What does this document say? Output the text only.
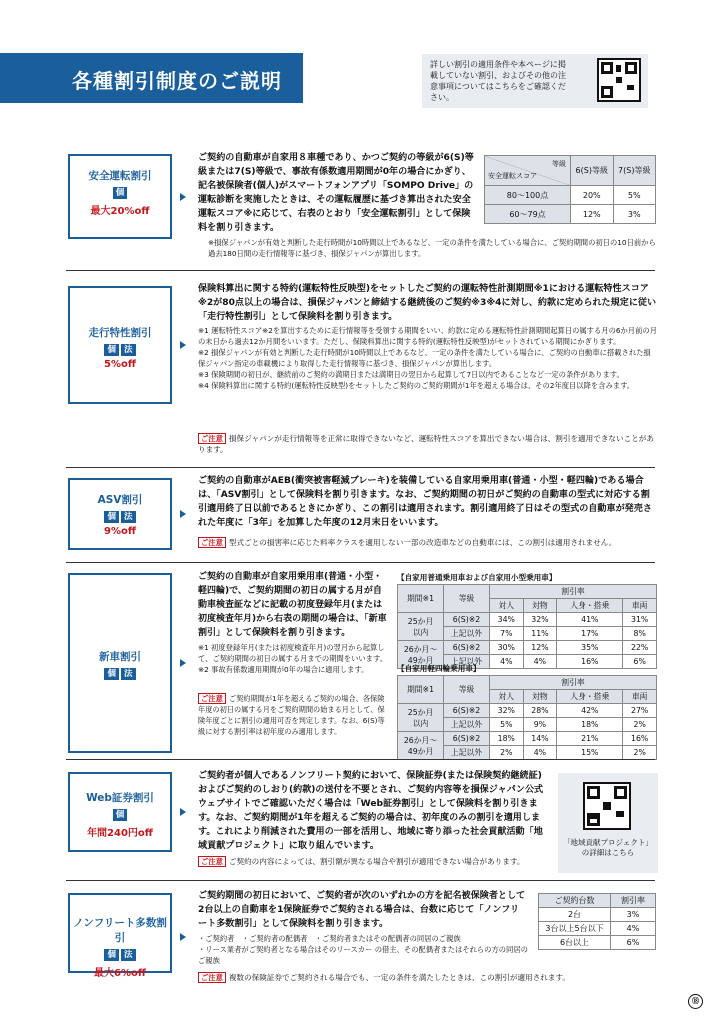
各種割引制度のご説明
詳しい割引の適用条件や本ページに掲載していない割引、およびその他の注意事項についてはこちらをご確認ください。
安全運転割引
個
最大20%off
ご契約の自動車が自家用８車種であり、かつご契約の等級が6(S)等級または7(S)等級で、事故有係数適用期間が0年の場合にかぎり、記名被保険者(個人)がスマートフォンアプリ「SOMPO Drive」の運転診断を実施したときは、その運転履歴に基づき算出された安全運転スコア※に応じて、右表のとおり「安全運転割引」として保険料を割り引きます。
※損保ジャパンが有効と判断した走行時間が10時間以上であるなど、一定の条件を満たしている場合に、ご契約期間の初日の10日前から過去180日間の走行情報等に基づき、損保ジャパンが算出します。
等級
安全運転スコア	6(S)等級	7(S)等級
80～100点	20%	5%
60～79点	12%	3%
走行特性割引
個 法
5%off
保険料算出に関する特約(運転特性反映型)をセットしたご契約の運転特性計測期間※1における運転特性スコア※2が80点以上の場合は、損保ジャパンと締結する継続後のご契約※3※4に対し、約款に定められた規定に従い「走行特性割引」として保険料を割り引きます。
※1 運転特性スコア※2を算出するために走行情報等を受領する期間をいい、約款に定める運転特性計測期間起算日の属する月の6か月前の月の末日から過去12か月間をいいます。ただし、保険料算出に関する特約(運転特性反映型)がセットされている期間にかぎります。
※2 損保ジャパンが有効と判断した走行時間が10時間以上であるなど、一定の条件を満たしている場合に、ご契約の自動車に搭載された損保ジャパン指定の車載機により取得した走行情報等に基づき、損保ジャパンが算出します。
※3 保険期間の初日が、継続前のご契約の満期日または満期日の翌日から起算して7日以内であることなど一定の条件があります。
※4 保険料算出に関する特約(運転特性反映型)をセットしたご契約のご契約期間が1年を超える場合は、その2年度目以降を含みます。
ご注意 損保ジャパンが走行情報等を正常に取得できないなど、運転特性スコアを算出できない場合は、割引を適用できないことがあります。
ASV割引
個 法
9%off
ご契約の自動車がAEB(衝突被害軽減ブレーキ)を装備している自家用乗用車(普通・小型・軽四輪)である場合は、「ASV割引」として保険料を割り引きます。なお、ご契約期間の初日がご契約の自動車の型式に対応する割引適用終了日以前であるときにかぎり、この割引は適用されます。割引適用終了日はその型式の自動車が発売された年度に「3年」を加算した年度の12月末日をいいます。
ご注意 型式ごとの損害率に応じた料率クラスを適用しない一部の改造車などの自動車には、この割引は適用されません。
新車割引
個 法
ご契約の自動車が自家用乗用車(普通・小型・軽四輪)で、ご契約期間の初日の属する月が自動車検査証などに記載の初度登録年月(または初度検査年月)から右表の期間の場合は、「新車割引」として保険料を割り引きます。
※1 初度登録年月(または初度検査年月)の翌月から起算して、ご契約期間の初日の属する月までの期間をいいます。
※2 事故有係数適用期間が0年の場合に適用します。
ご注意 ご契約期間が1年を超えるご契約の場合、各保険年度の初日の属する月をご契約期間の始まる月として、保険年度ごとに割引の適用可否を判定します。なお、6(S)等級に対する割引率は初年度のみ適用します。
【自家用普通乗用車および自家用小型乗用車】
期間※1	等級	割引率			
		対人	対物	人身・搭乗	車両

25か月
以内	6(S)※2	34%	32%	41%	31%
	上記以外	7%	11%	17%	8%

26か月～
49か月	6(S)※2	30%	12%	35%	22%
	上記以外	4%	4%	16%	6%
【自家用軽四輪乗用車】
期間※1	等級	割引率			
		対人	対物	人身・搭乗	車両

25か月
以内	6(S)※2	32%	28%	42%	27%
	上記以外	5%	9%	18%	2%

26か月～
49か月	6(S)※2	18%	14%	21%	16%
	上記以外	2%	4%	15%	2%
Web証券割引
個
年間240円off
ご契約者が個人であるノンフリート契約において、保険証券(または保険契約継続証)およびご契約のしおり(約款)の送付を不要とされ、ご契約内容等を損保ジャパン公式ウェブサイトでご確認いただく場合は「Web証券割引」として保険料を割り引きます。なお、ご契約期間が1年を超えるご契約の場合は、初年度のみの割引を適用します。これにより削減された費用の一部を活用し、地域に寄り添った社会貢献活動「地域貢献プロジェクト」に取り組んでいます。
ご注意 ご契約の内容によっては、割引額が異なる場合や割引が適用できない場合があります。
「地域貢献プロジェクト」
の詳細はこちら
ノンフリート多数割引
個 法
最大6%off
ご契約期間の初日において、ご契約者が次のいずれかの方を記名被保険者として2台以上の自動車を1保険証券でご契約される場合は、台数に応じて「ノンフリート多数割引」として保険料を割り引きます。
・ご契約者　・ご契約者の配偶者　・ご契約者またはその配偶者の同居のご親族
・リース業者がご契約者となる場合はそのリースカー の借主、その配偶者またはそれらの方の同居のご親族
ご注意 複数の保険証券でご契約される場合でも、一定の条件を満たしたときは、この割引が適用されます。
ご契約台数	割引率
2台	3%
3台以上5台以下	4%
6台以上	6%
⑱
